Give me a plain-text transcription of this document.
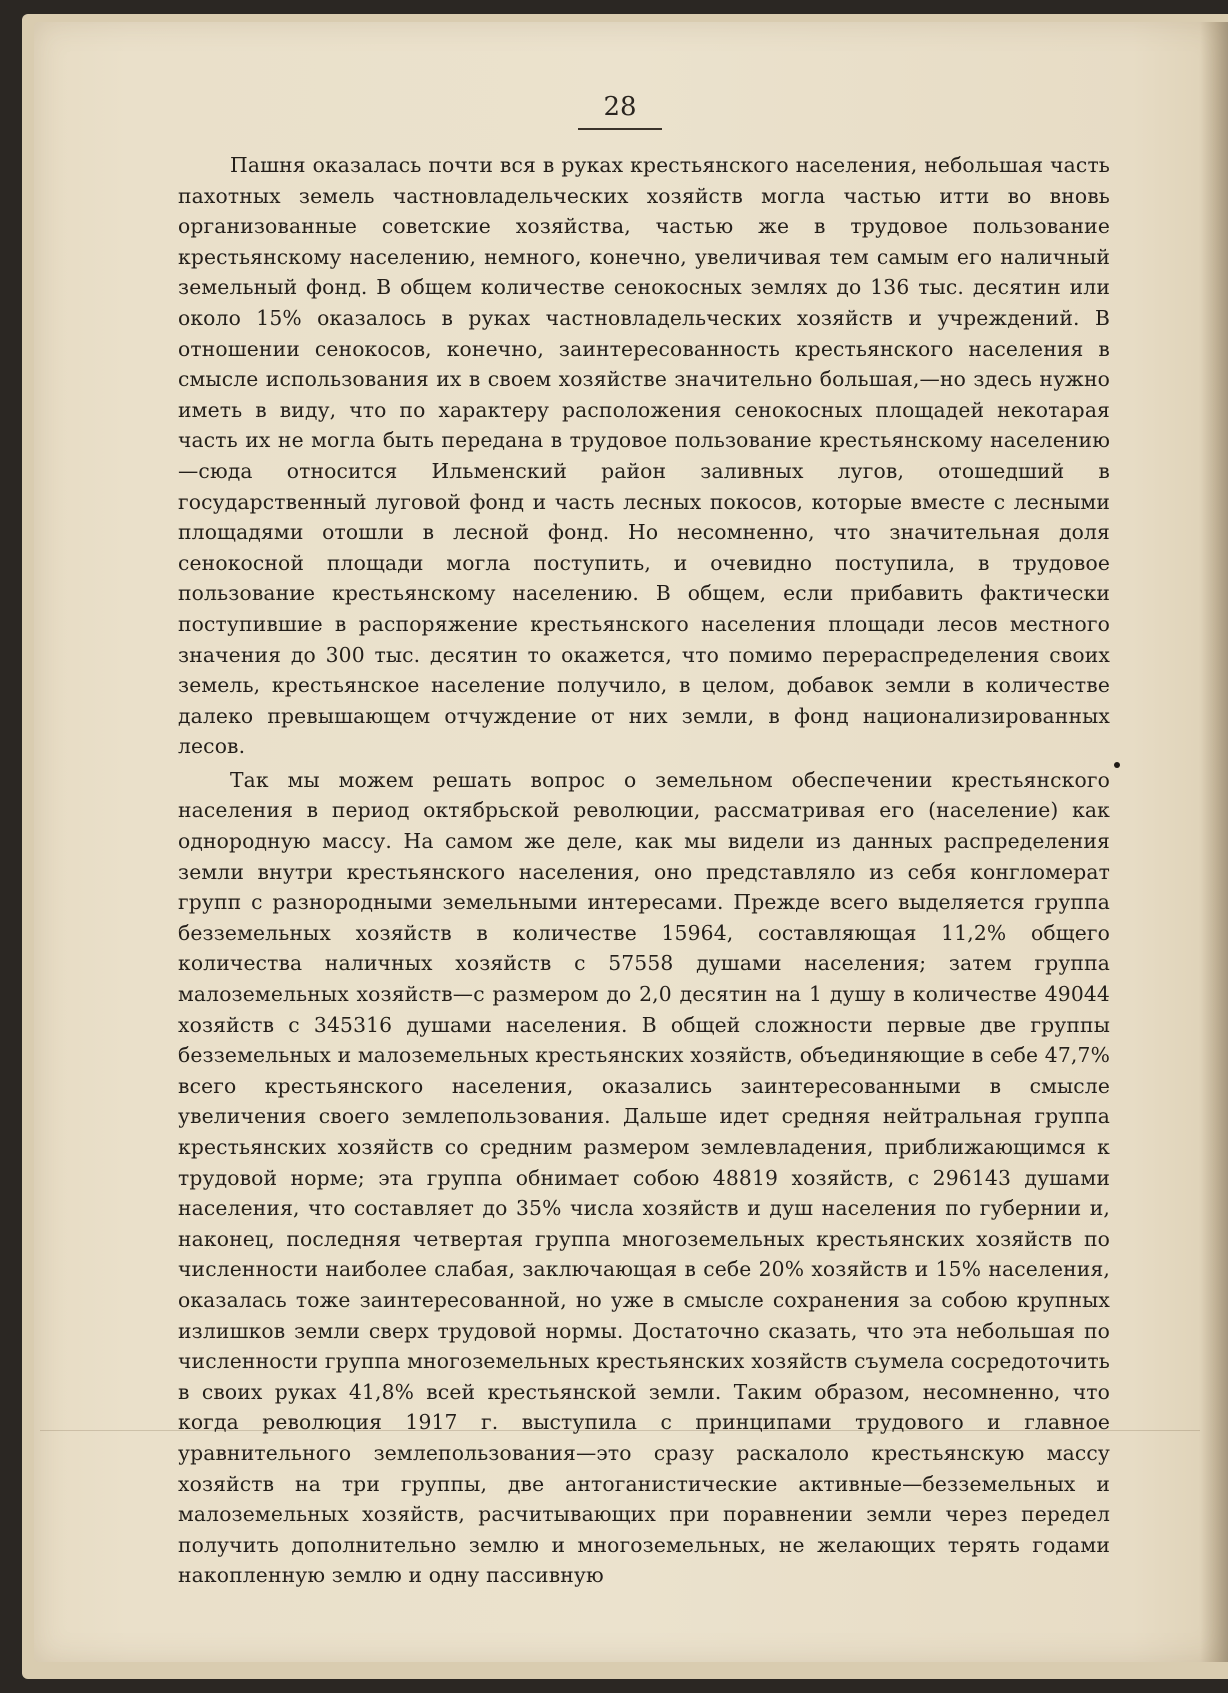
28

Пашня оказалась почти вся в руках крестьянского населения, небольшая часть пахотных земель частновладельческих хозяйств могла частью итти во вновь организованные советские хозяйства, частью же в трудовое пользование крестьянскому населению, немного, конечно, увеличивая тем самым его наличный земельный фонд. В общем количестве сенокосных землях до 136 тыс. десятин или около 15% оказалось в руках частновладельческих хозяйств и учреждений. В отношении сенокосов, конечно, заинтересованность крестьянского населения в смысле использования их в своем хозяйстве значительно большая,—но здесь нужно иметь в виду, что по характеру расположения сенокосных площадей некотарая часть их не могла быть передана в трудовое пользование крестьянскому населению—сюда относится Ильменский район заливных лугов, отошедший в государственный луговой фонд и часть лесных покосов, которые вместе с лесными площадями отошли в лесной фонд. Но несомненно, что значительная доля сенокосной площади могла поступить, и очевидно поступила, в трудовое пользование крестьянскому населению. В общем, если прибавить фактически поступившие в распоряжение крестьянского населения площади лесов местного значения до 300 тыс. десятин то окажется, что помимо перераспределения своих земель, крестьянское население получило, в целом, добавок земли в количестве далеко превышающем отчуждение от них земли, в фонд национализированных лесов.

Так мы можем решать вопрос о земельном обеспечении крестьянского населения в период октябрьской революции, рассматривая его (население) как однородную массу. На самом же деле, как мы видели из данных распределения земли внутри крестьянского населения, оно представляло из себя конгломерат групп с разнородными земельными интересами. Прежде всего выделяется группа безземельных хозяйств в количестве 15964, составляющая 11,2% общего количества наличных хозяйств с 57558 душами населения; затем группа малоземельных хозяйств—с размером до 2,0 десятин на 1 душу в количестве 49044 хозяйств с 345316 душами населения. В общей сложности первые две группы безземельных и малоземельных крестьянских хозяйств, объединяющие в себе 47,7% всего крестьянского населения, оказались заинтересованными в смысле увеличения своего землепользования. Дальше идет средняя нейтральная группа крестьянских хозяйств со средним размером землевладения, приближающимся к трудовой норме; эта группа обнимает собою 48819 хозяйств, с 296143 душами населения, что составляет до 35% числа хозяйств и душ населения по губернии и, наконец, последняя четвертая группа многоземельных крестьянских хозяйств по численности наиболее слабая, заключающая в себе 20% хозяйств и 15% населения, оказалась тоже заинтересованной, но уже в смысле сохранения за собою крупных излишков земли сверх трудовой нормы. Достаточно сказать, что эта небольшая по численности группа многоземельных крестьянских хозяйств съумела сосредоточить в своих руках 41,8% всей крестьянской земли. Таким образом, несомненно, что когда революция 1917 г. выступила с принципами трудового и главное уравнительного землепользования—это сразу раскалоло крестьянскую массу хозяйств на три группы, две антоганистические активные—безземельных и малоземельных хозяйств, расчитывающих при поравнении земли через передел получить дополнительно землю и многоземельных, не желающих терять годами накопленную землю и одну пассивную
